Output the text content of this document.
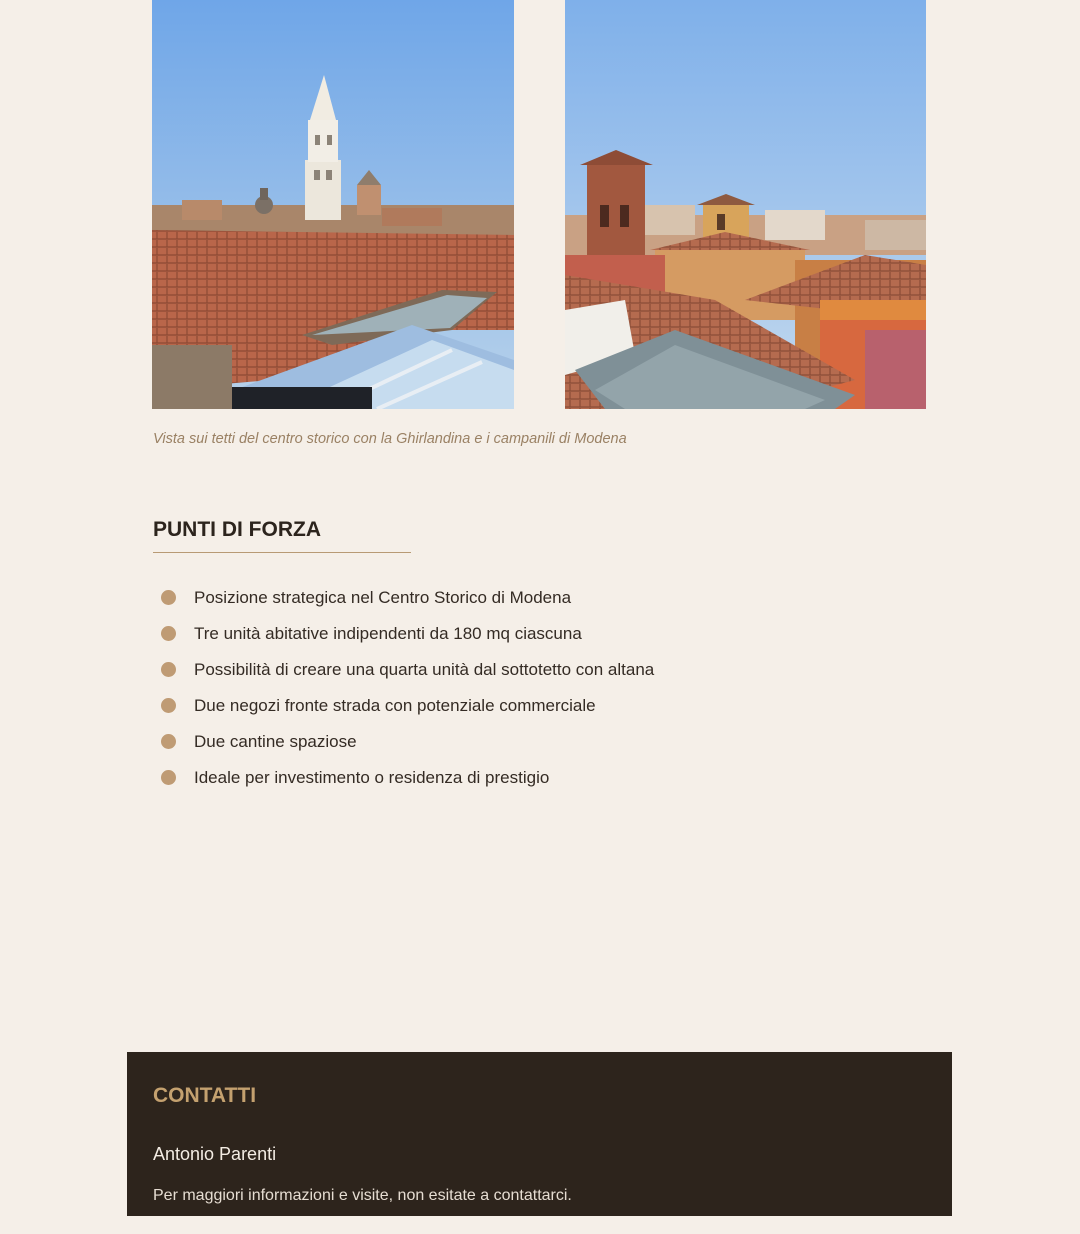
Vista sui tetti del centro storico con la Ghirlandina e i campanili di Modena
PUNTI DI FORZA
Posizione strategica nel Centro Storico di Modena
Tre unità abitative indipendenti da 180 mq ciascuna
Possibilità di creare una quarta unità dal sottotetto con altana
Due negozi fronte strada con potenziale commerciale
Due cantine spaziose
Ideale per investimento o residenza di prestigio
CONTATTI
Antonio Parenti
Per maggiori informazioni e visite, non esitate a contattarci.
